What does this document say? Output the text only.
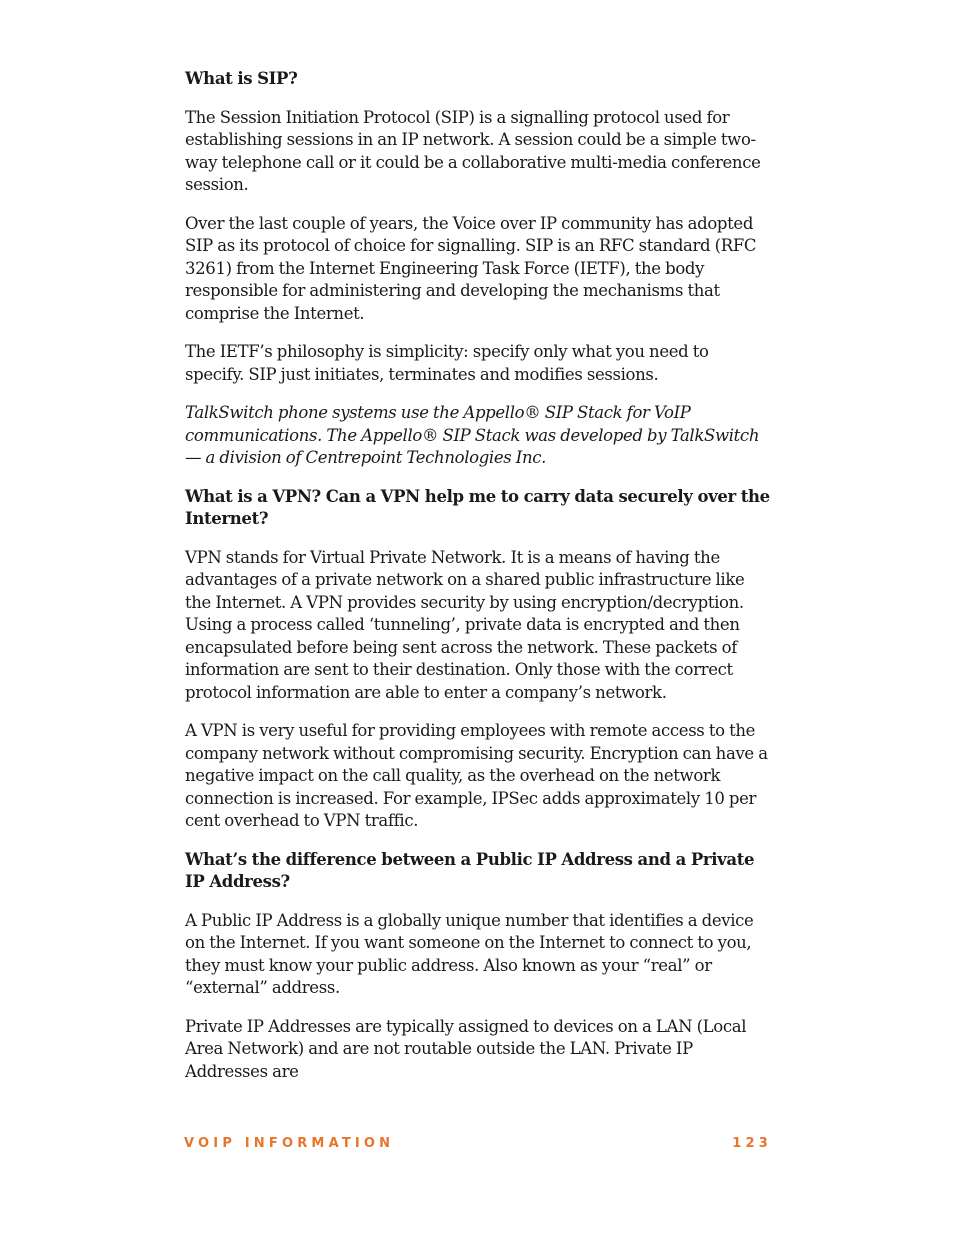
What is SIP?

The Session Initiation Protocol (SIP) is a signalling protocol used for establishing sessions in an IP network. A session could be a simple two-way telephone call or it could be a collaborative multi-media conference session.

Over the last couple of years, the Voice over IP community has adopted SIP as its protocol of choice for signalling. SIP is an RFC standard (RFC 3261) from the Internet Engineering Task Force (IETF), the body responsible for administering and developing the mechanisms that comprise the Internet.

The IETF’s philosophy is simplicity: specify only what you need to specify. SIP just initiates, terminates and modifies sessions.

TalkSwitch phone systems use the Appello® SIP Stack for VoIP communications. The Appello® SIP Stack was developed by TalkSwitch — a division of Centrepoint Technologies Inc.

What is a VPN? Can a VPN help me to carry data securely over the Internet?

VPN stands for Virtual Private Network. It is a means of having the advantages of a private network on a shared public infrastructure like the Internet. A VPN provides security by using encryption/decryption. Using a process called ‘tunneling’, private data is encrypted and then encapsulated before being sent across the network. These packets of information are sent to their destination. Only those with the correct protocol information are able to enter a company’s network.

A VPN is very useful for providing employees with remote access to the company network without compromising security. Encryption can have a negative impact on the call quality, as the overhead on the network connection is increased. For example, IPSec adds approximately 10 per cent overhead to VPN traffic.

What’s the difference between a Public IP Address and a Private IP Address?

A Public IP Address is a globally unique number that identifies a device on the Internet. If you want someone on the Internet to connect to you, they must know your public address. Also known as your “real” or “external” address.

Private IP Addresses are typically assigned to devices on a LAN (Local Area Network) and are not routable outside the LAN. Private IP Addresses are

VOIP INFORMATION	123
